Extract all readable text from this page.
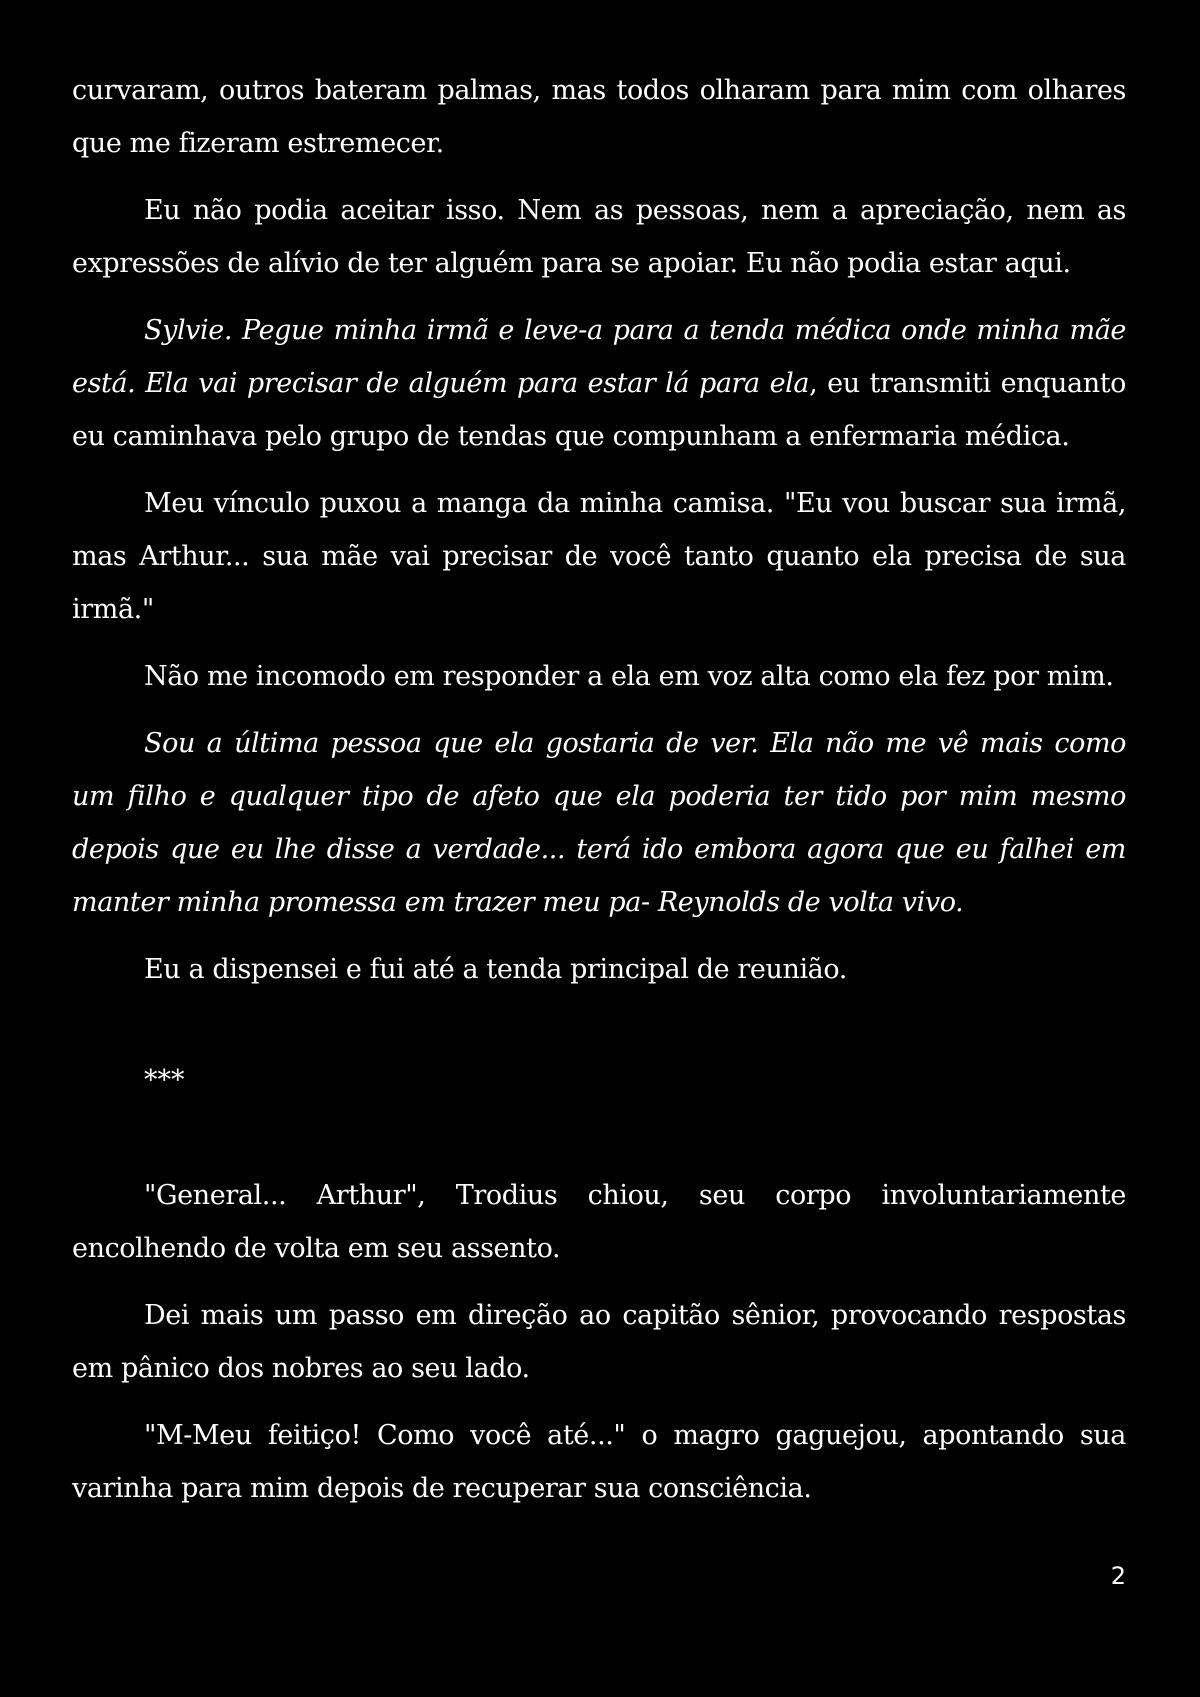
curvaram, outros bateram palmas, mas todos olharam para mim com olhares que me fizeram estremecer.

Eu não podia aceitar isso. Nem as pessoas, nem a apreciação, nem as expressões de alívio de ter alguém para se apoiar. Eu não podia estar aqui.

Sylvie. Pegue minha irmã e leve-a para a tenda médica onde minha mãe está. Ela vai precisar de alguém para estar lá para ela, eu transmiti enquanto eu caminhava pelo grupo de tendas que compunham a enfermaria médica.

Meu vínculo puxou a manga da minha camisa. "Eu vou buscar sua irmã, mas Arthur... sua mãe vai precisar de você tanto quanto ela precisa de sua irmã."

Não me incomodo em responder a ela em voz alta como ela fez por mim.

Sou a última pessoa que ela gostaria de ver. Ela não me vê mais como um filho e qualquer tipo de afeto que ela poderia ter tido por mim mesmo depois que eu lhe disse a verdade... terá ido embora agora que eu falhei em manter minha promessa em trazer meu pa- Reynolds de volta vivo.

Eu a dispensei e fui até a tenda principal de reunião.

***

"General... Arthur", Trodius chiou, seu corpo involuntariamente encolhendo de volta em seu assento.

Dei mais um passo em direção ao capitão sênior, provocando respostas em pânico dos nobres ao seu lado.

"M-Meu feitiço! Como você até..." o magro gaguejou, apontando sua varinha para mim depois de recuperar sua consciência.

2
